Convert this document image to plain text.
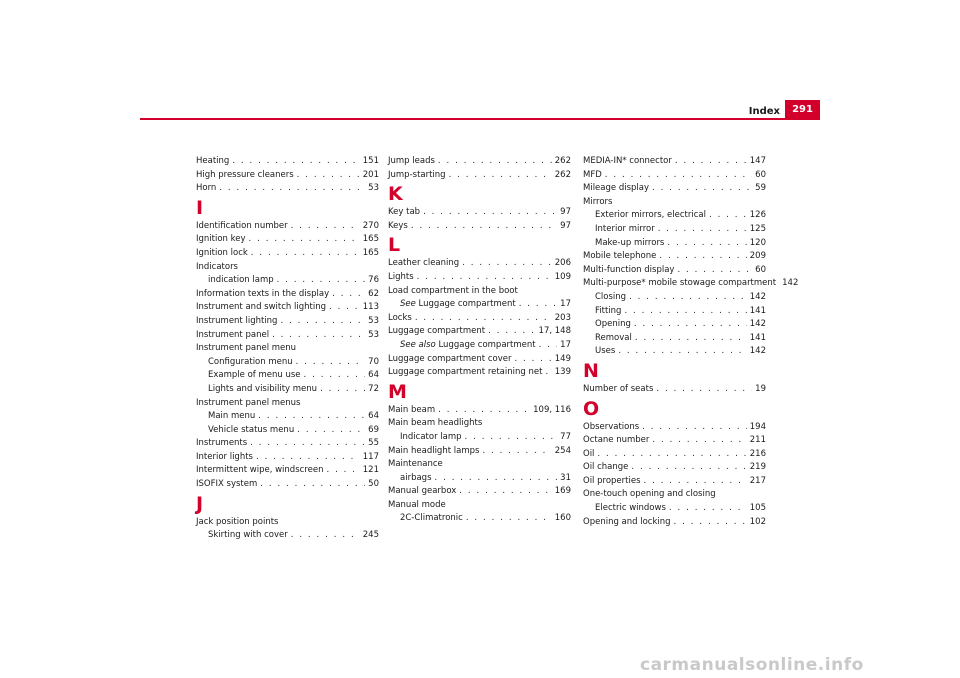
Index	291
Heating . . .	151
High pressure cleaners . . .	201
Horn . . .	53
I
Identification number . . .	270
Ignition key . . .	165
Ignition lock . . .	165
Indicators
indication lamp . . .	76
Information texts in the display . . .	62
Instrument and switch lighting . . .	113
Instrument lighting . . .	53
Instrument panel . . .	53
Instrument panel menu
Configuration menu . . .	70
Example of menu use . . .	64
Lights and visibility menu . . .	72
Instrument panel menus
Main menu . . .	64
Vehicle status menu . . .	69
Instruments . . .	55
Interior lights . . .	117
Intermittent wipe, windscreen . . .	121
ISOFIX system . . .	50
J
Jack position points
Skirting with cover . . .	245
Jump leads . . .	262
Jump-starting . . .	262
K
Key tab . . .	97
Keys . . .	97
L
Leather cleaning . . .	206
Lights . . .	109
Load compartment in the boot
See Luggage compartment . . .	17
Locks . . .	203
Luggage compartment . . .	17, 148
See also Luggage compartment . . .	17
Luggage compartment cover . . .	149
Luggage compartment retaining net . . . 139
M
Main beam . . .	109, 116
Main beam headlights
Indicator lamp . . .	77
Main headlight lamps . . .	254
Maintenance
airbags . . .	31
Manual gearbox . . .	169
Manual mode
2C-Climatronic . . .	160
MEDIA-IN* connector . . .	147
MFD . . .	60
Mileage display . . .	59
Mirrors
Exterior mirrors, electrical . . .	126
Interior mirror . . .	125
Make-up mirrors . . .	120
Mobile telephone . . .	209
Multi-function display . . .	60
Multi-purpose* mobile stowage compartment 142
Closing . . .	142
Fitting . . .	141
Opening . . .	142
Removal . . .	141
Uses . . .	142
N
Number of seats . . .	19
O
Observations . . .	194
Octane number . . .	211
Oil . . .	216
Oil change . . .	219
Oil properties . . .	217
One-touch opening and closing
Electric windows . . .	105
Opening and locking . . .	102
carmanualsonline.info
